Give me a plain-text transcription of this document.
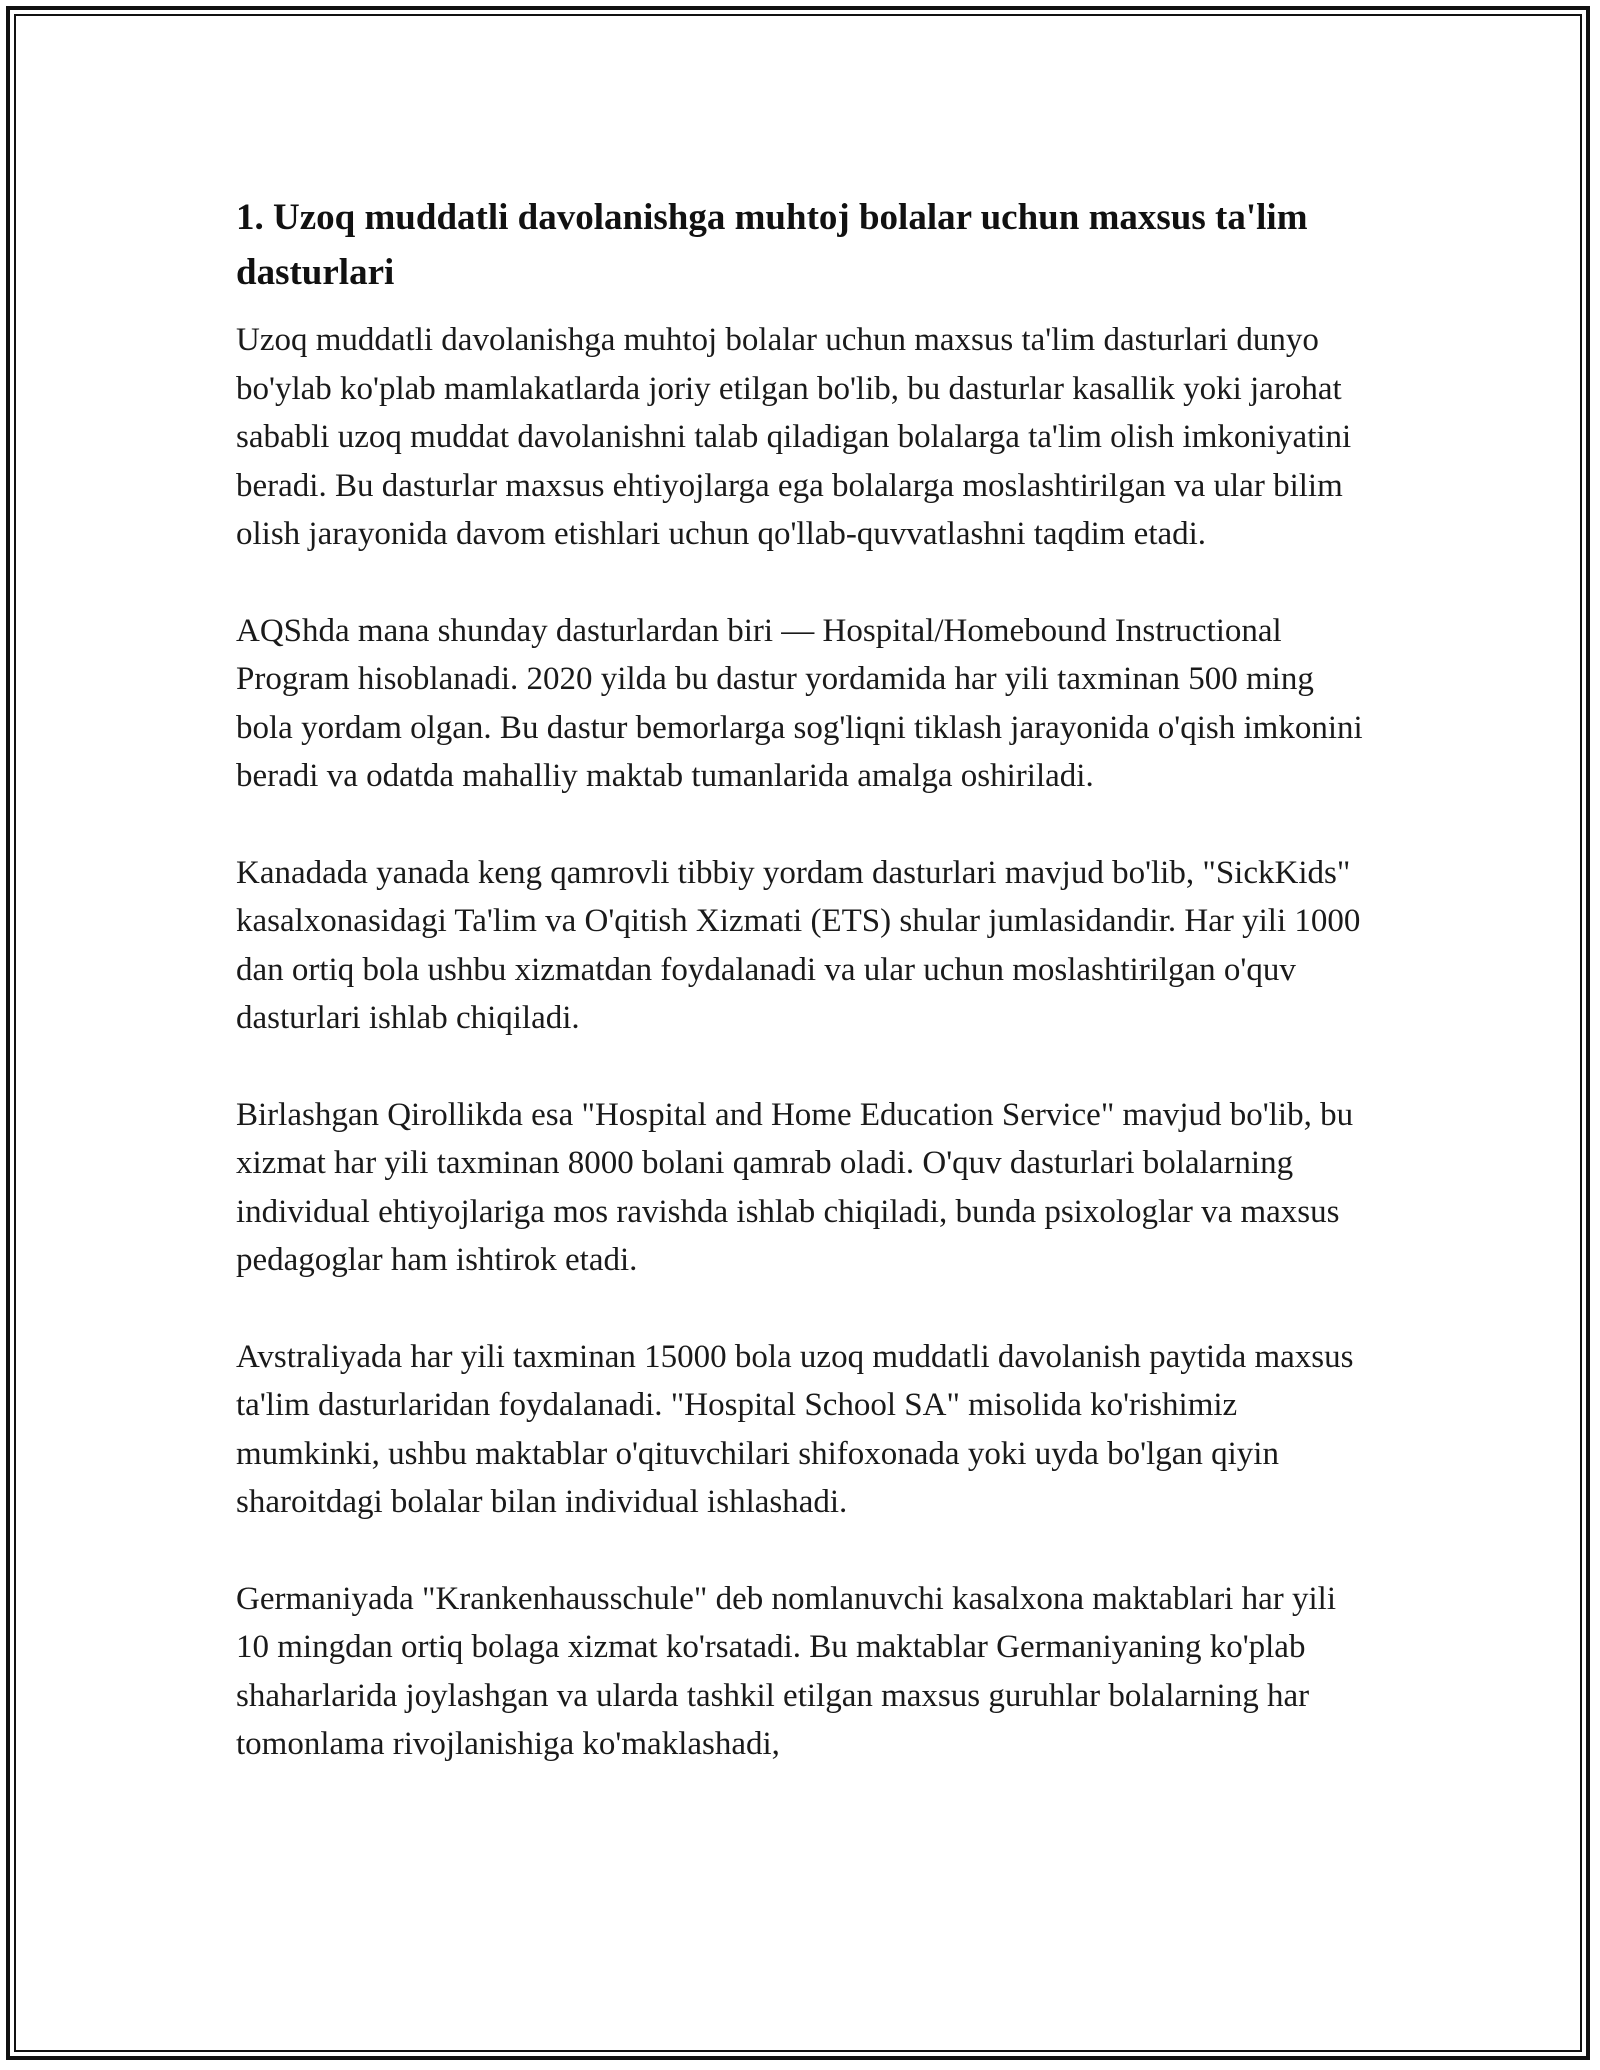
1. Uzoq muddatli davolanishga muhtoj bolalar uchun maxsus ta'lim dasturlari

Uzoq muddatli davolanishga muhtoj bolalar uchun maxsus ta'lim dasturlari dunyo bo'ylab ko'plab mamlakatlarda joriy etilgan bo'lib, bu dasturlar kasallik yoki jarohat sababli uzoq muddat davolanishni talab qiladigan bolalarga ta'lim olish imkoniyatini beradi. Bu dasturlar maxsus ehtiyojlarga ega bolalarga moslashtirilgan va ular bilim olish jarayonida davom etishlari uchun qo'llab-quvvatlashni taqdim etadi.

AQShda mana shunday dasturlardan biri — Hospital/Homebound Instructional Program hisoblanadi. 2020 yilda bu dastur yordamida har yili taxminan 500 ming bola yordam olgan. Bu dastur bemorlarga sog'liqni tiklash jarayonida o'qish imkonini beradi va odatda mahalliy maktab tumanlarida amalga oshiriladi.

Kanadada yanada keng qamrovli tibbiy yordam dasturlari mavjud bo'lib, "SickKids" kasalxonasidagi Ta'lim va O'qitish Xizmati (ETS) shular jumlasidandir. Har yili 1000 dan ortiq bola ushbu xizmatdan foydalanadi va ular uchun moslashtirilgan o'quv dasturlari ishlab chiqiladi.

Birlashgan Qirollikda esa "Hospital and Home Education Service" mavjud bo'lib, bu xizmat har yili taxminan 8000 bolani qamrab oladi. O'quv dasturlari bolalarning individual ehtiyojlariga mos ravishda ishlab chiqiladi, bunda psixologlar va maxsus pedagoglar ham ishtirok etadi.

Avstraliyada har yili taxminan 15000 bola uzoq muddatli davolanish paytida maxsus ta'lim dasturlaridan foydalanadi. "Hospital School SA" misolida ko'rishimiz mumkinki, ushbu maktablar o'qituvchilari shifoxonada yoki uyda bo'lgan qiyin sharoitdagi bolalar bilan individual ishlashadi.

Germaniyada "Krankenhausschule" deb nomlanuvchi kasalxona maktablari har yili 10 mingdan ortiq bolaga xizmat ko'rsatadi. Bu maktablar Germaniyaning ko'plab shaharlarida joylashgan va ularda tashkil etilgan maxsus guruhlar bolalarning har tomonlama rivojlanishiga ko'maklashadi,
